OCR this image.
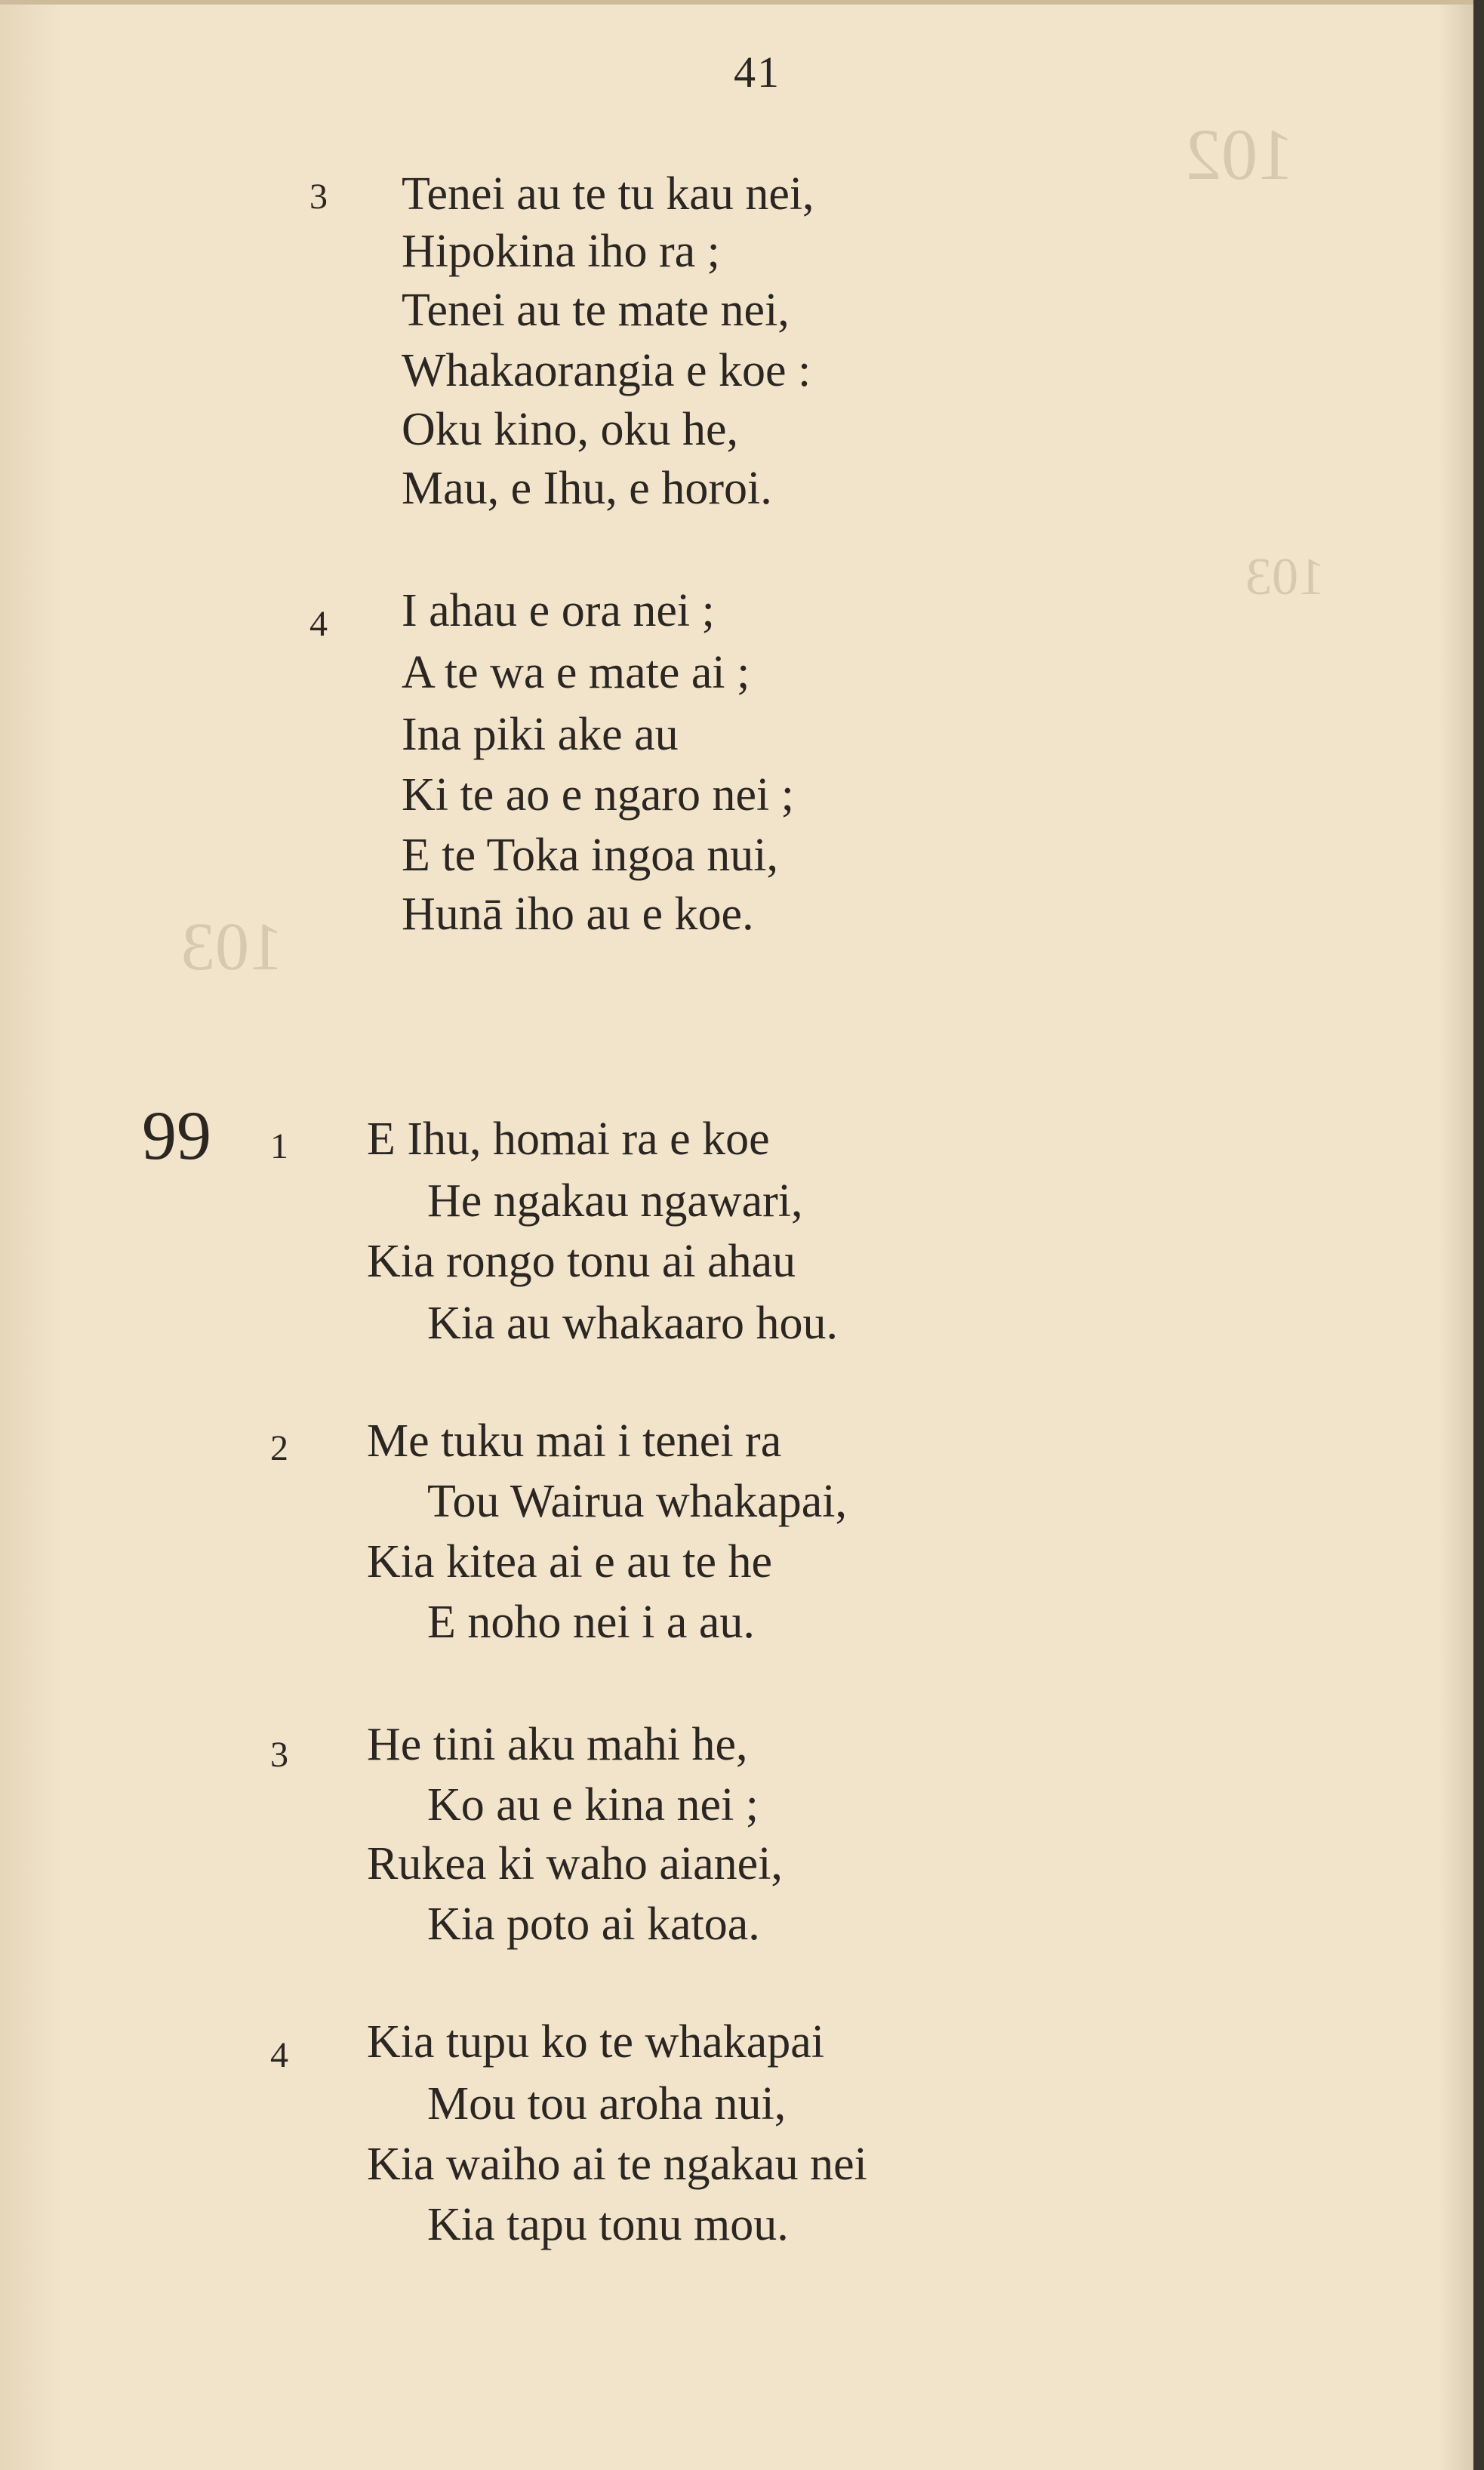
102
103
103
41
3 Tenei au te tu kau nei,
Hipokina iho ra ;
Tenei au te mate nei,
Whakaorangia e koe :
Oku kino, oku he,
Mau, e Ihu, e horoi.
4 I ahau e ora nei ;
A te wa e mate ai ;
Ina piki ake au
Ki te ao e ngaro nei ;
E te Toka ingoa nui,
Hunā iho au e koe.
99 1 E Ihu, homai ra e koe
He ngakau ngawari,
Kia rongo tonu ai ahau
Kia au whakaaro hou.
2 Me tuku mai i tenei ra
Tou Wairua whakapai,
Kia kitea ai e au te he
E noho nei i a au.
3 He tini aku mahi he,
Ko au e kina nei ;
Rukea ki waho aianei,
Kia poto ai katoa.
4 Kia tupu ko te whakapai
Mou tou aroha nui,
Kia waiho ai te ngakau nei
Kia tapu tonu mou.
